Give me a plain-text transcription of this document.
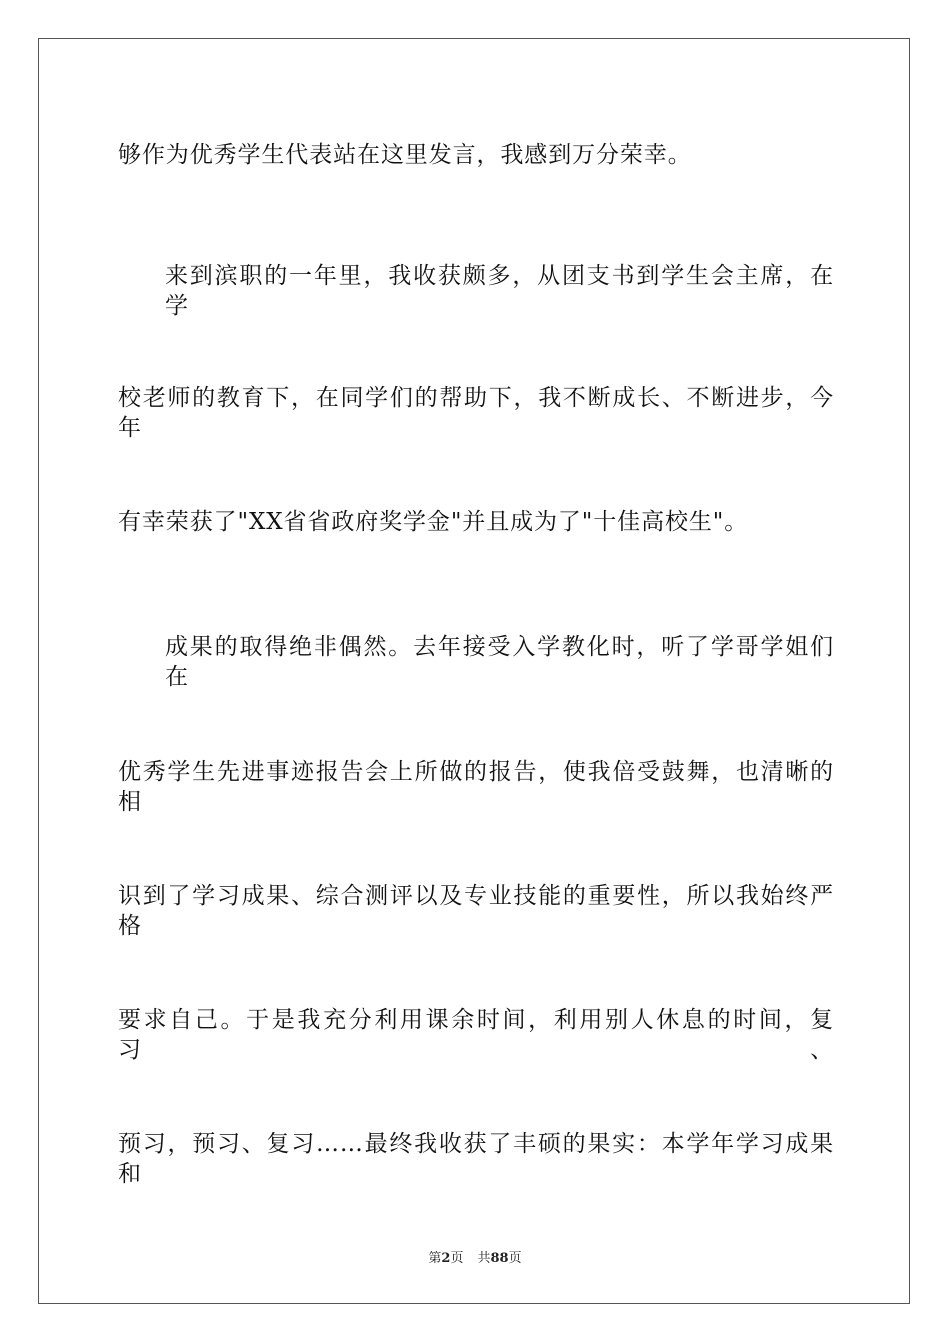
够作为优秀学生代表站在这里发言，我感到万分荣幸。
来到滨职的一年里，我收获颇多，从团支书到学生会主席，在学
校老师的教育下，在同学们的帮助下，我不断成长、不断进步，今年
有幸荣获了"XX省省政府奖学金"并且成为了"十佳高校生"。
成果的取得绝非偶然。去年接受入学教化时，听了学哥学姐们在
优秀学生先进事迹报告会上所做的报告，使我倍受鼓舞，也清晰的相
识到了学习成果、综合测评以及专业技能的重要性，所以我始终严格
要求自己。于是我充分利用课余时间，利用别人休息的时间，复习、
预习，预习、复习……最终我收获了丰硕的果实：本学年学习成果和
第2页 共88页
